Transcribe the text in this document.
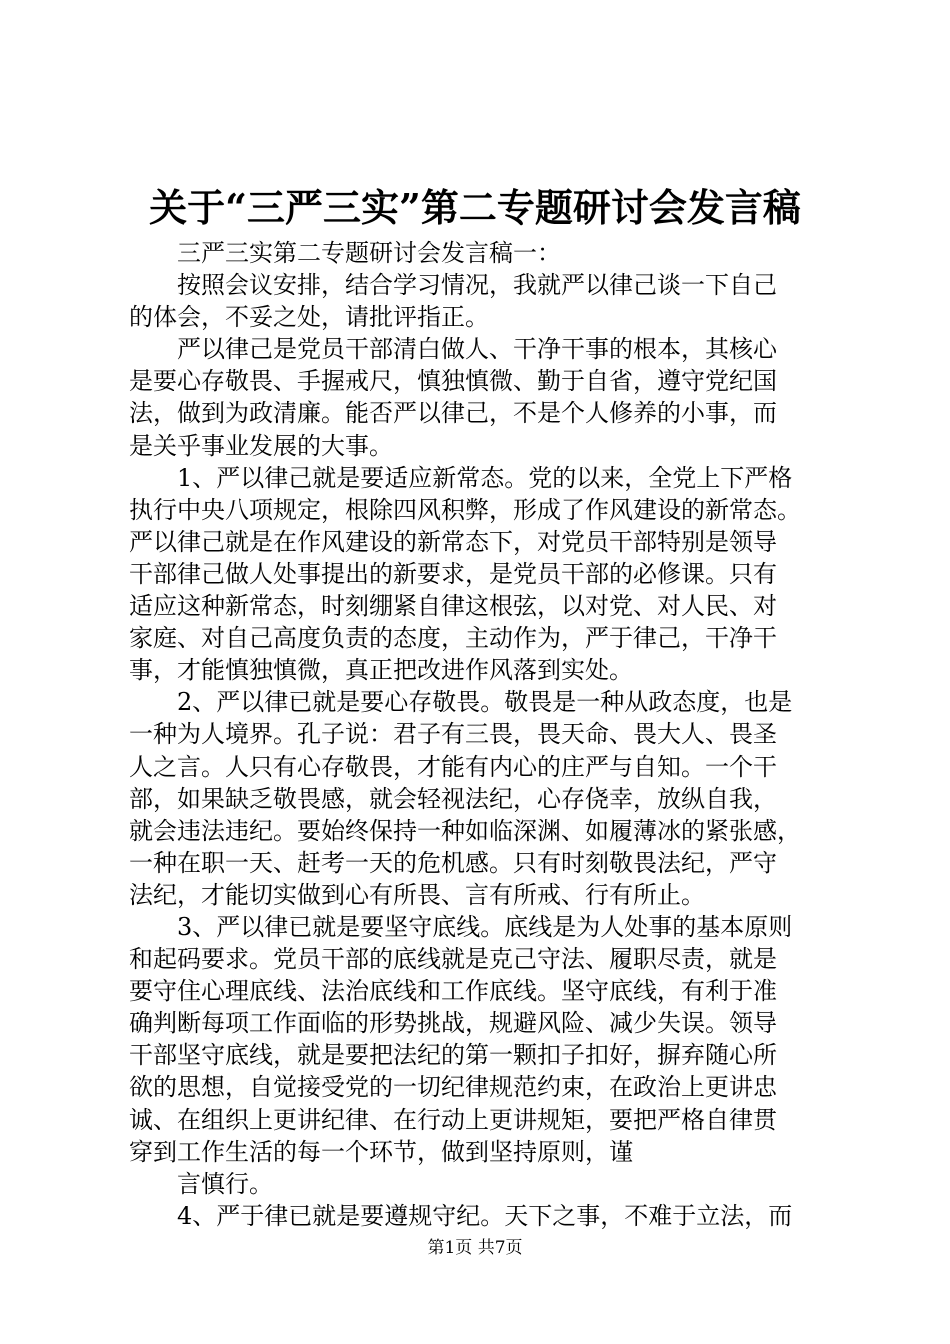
关于“三严三实”第二专题研讨会发言稿
三严三实第二专题研讨会发言稿一：
按照会议安排，结合学习情况，我就严以律己谈一下自己
的体会，不妥之处，请批评指正。
严以律己是党员干部清白做人、干净干事的根本，其核心
是要心存敬畏、手握戒尺，慎独慎微、勤于自省，遵守党纪国
法，做到为政清廉。能否严以律己，不是个人修养的小事，而
是关乎事业发展的大事。
1、严以律己就是要适应新常态。党的以来，全党上下严格
执行中央八项规定，根除四风积弊，形成了作风建设的新常态。
严以律己就是在作风建设的新常态下，对党员干部特别是领导
干部律己做人处事提出的新要求，是党员干部的必修课。只有
适应这种新常态，时刻绷紧自律这根弦，以对党、对人民、对
家庭、对自己高度负责的态度，主动作为，严于律己，干净干
事，才能慎独慎微，真正把改进作风落到实处。
2、严以律已就是要心存敬畏。敬畏是一种从政态度，也是
一种为人境界。孔子说：君子有三畏，畏天命、畏大人、畏圣
人之言。人只有心存敬畏，才能有内心的庄严与自知。一个干
部，如果缺乏敬畏感，就会轻视法纪，心存侥幸，放纵自我，
就会违法违纪。要始终保持一种如临深渊、如履薄冰的紧张感，
一种在职一天、赶考一天的危机感。只有时刻敬畏法纪，严守
法纪，才能切实做到心有所畏、言有所戒、行有所止。
3、严以律已就是要坚守底线。底线是为人处事的基本原则
和起码要求。党员干部的底线就是克己守法、履职尽责，就是
要守住心理底线、法治底线和工作底线。坚守底线，有利于准
确判断每项工作面临的形势挑战，规避风险、减少失误。领导
干部坚守底线，就是要把法纪的第一颗扣子扣好，摒弃随心所
欲的思想，自觉接受党的一切纪律规范约束，在政治上更讲忠
诚、在组织上更讲纪律、在行动上更讲规矩，要把严格自律贯
穿到工作生活的每一个环节，做到坚持原则，谨
言慎行。
4、严于律已就是要遵规守纪。天下之事，不难于立法，而
第1页 共7页
